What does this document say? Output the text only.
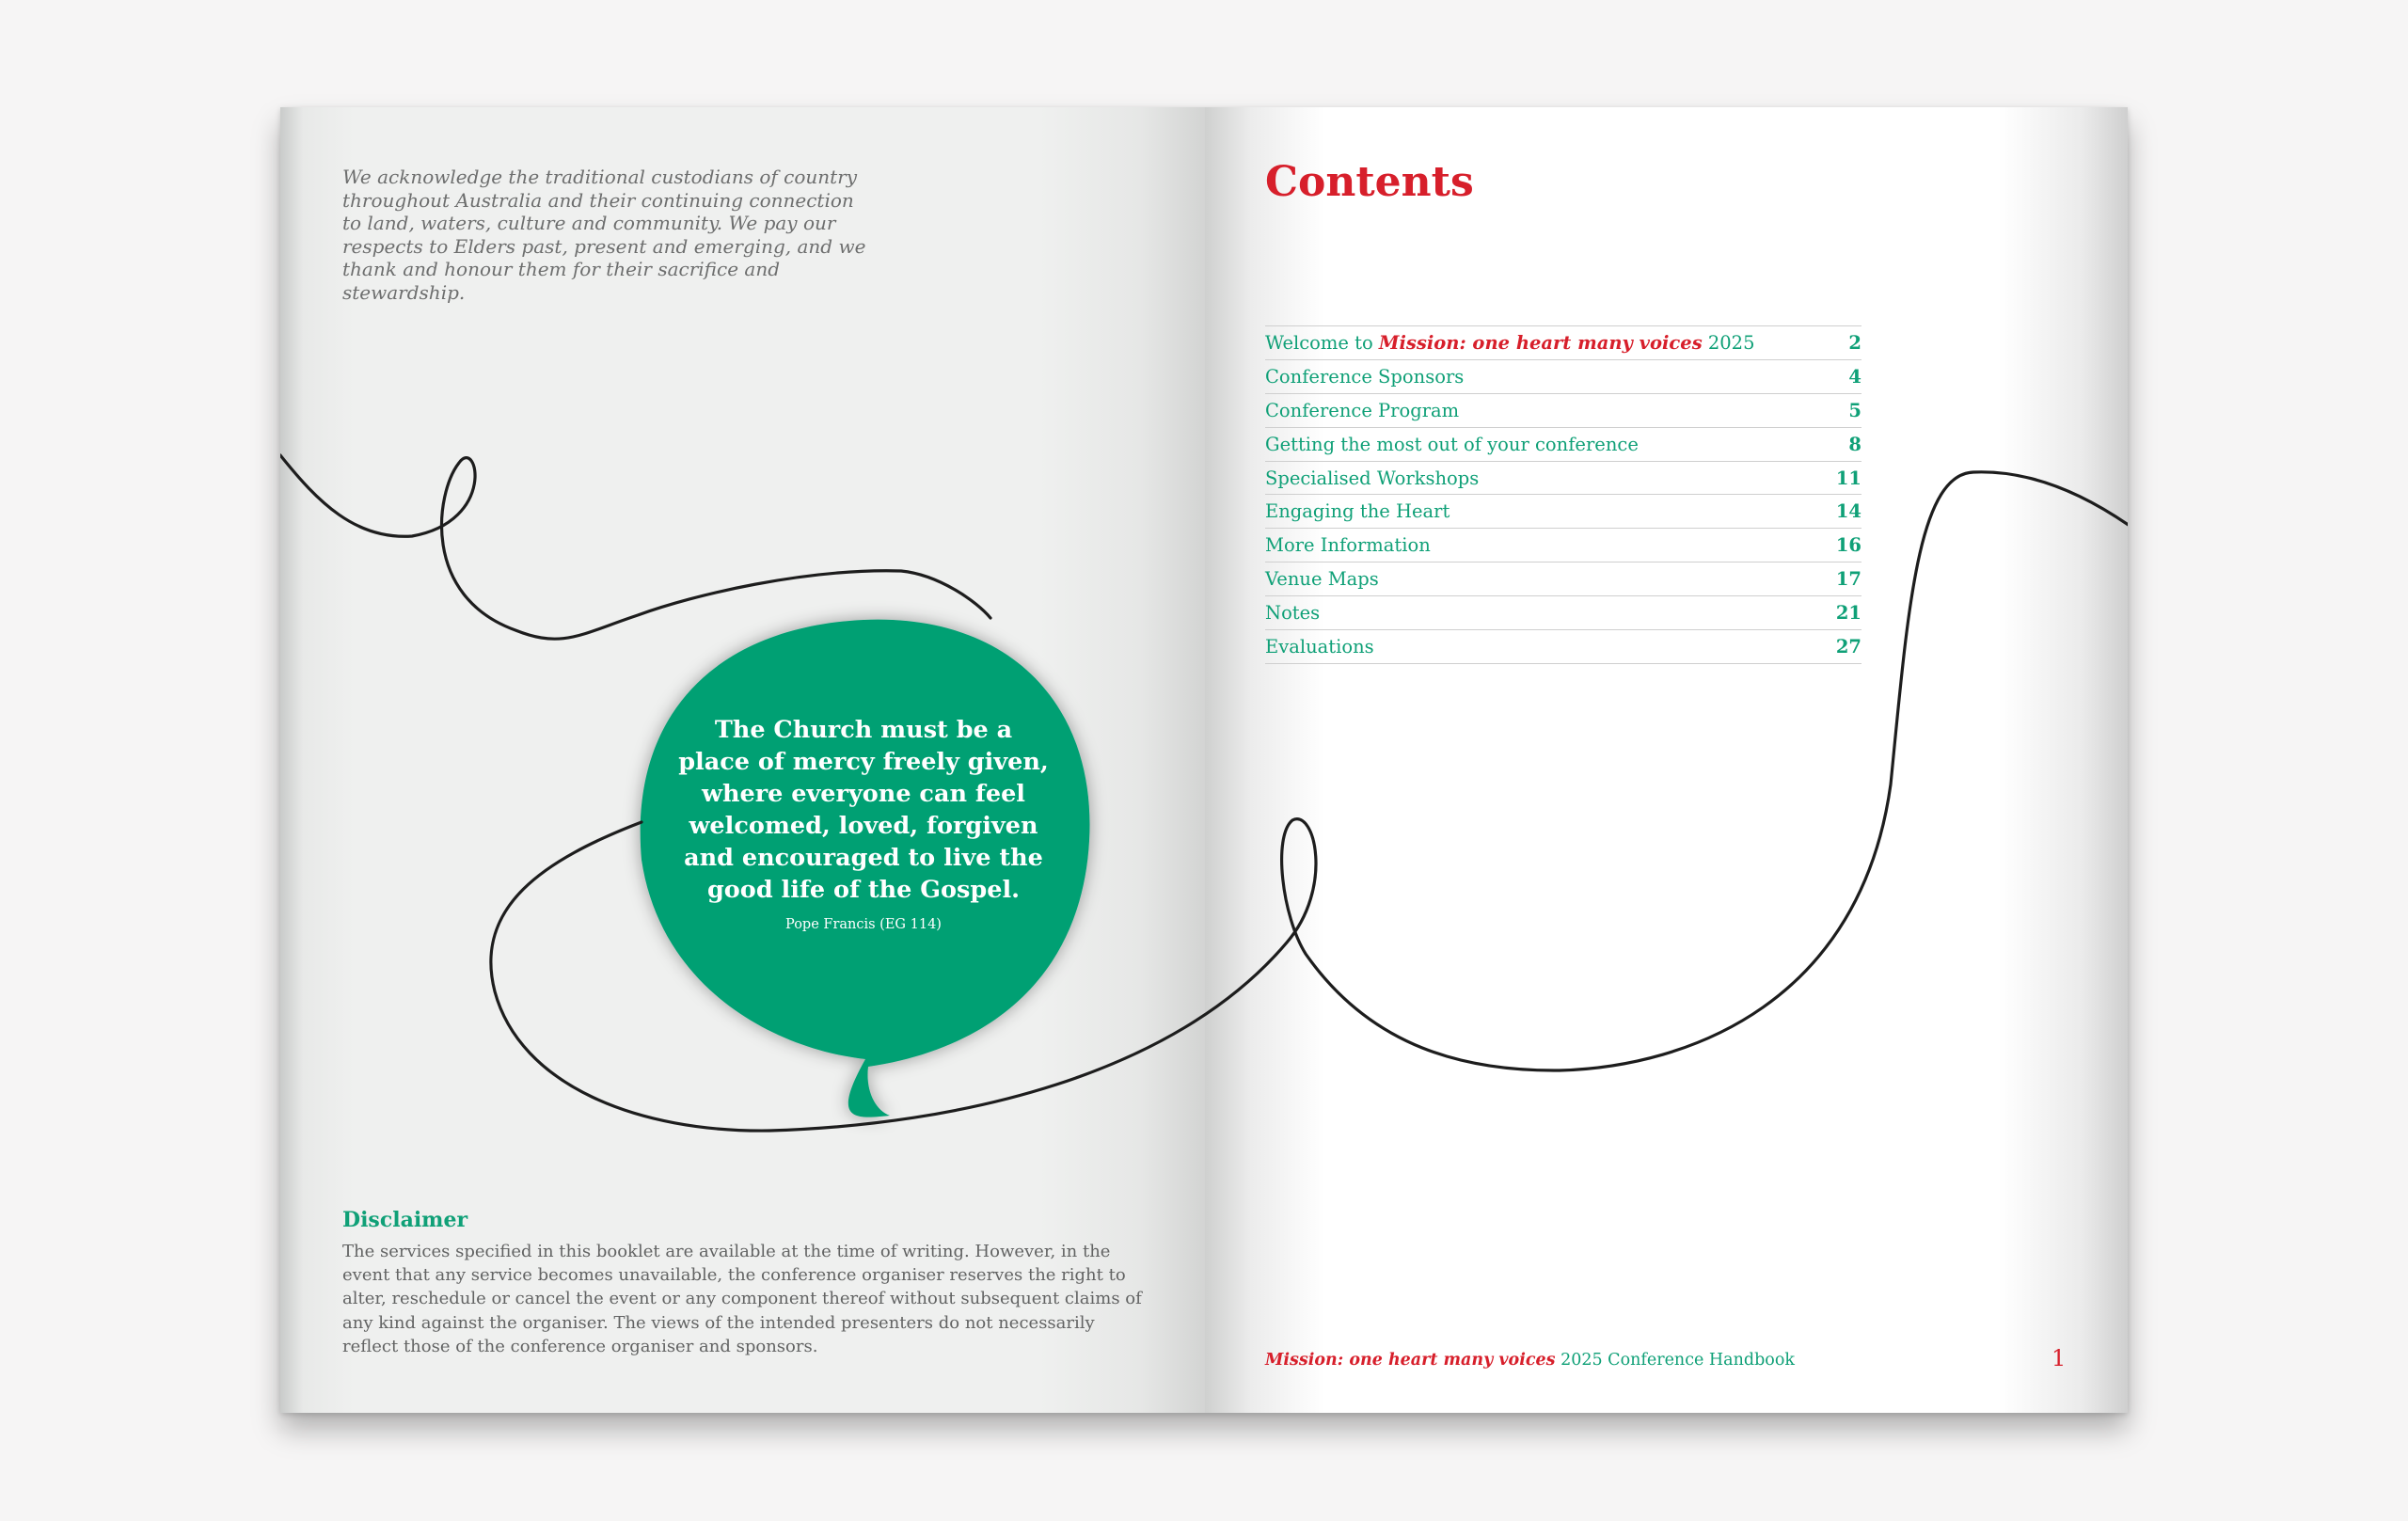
We acknowledge the traditional custodians of country throughout Australia and their continuing connection to land, waters, culture and community. We pay our respects to Elders past, present and emerging, and we thank and honour them for their sacrifice and stewardship.

The Church must be a place of mercy freely given, where everyone can feel welcomed, loved, forgiven and encouraged to live the good life of the Gospel.
Pope Francis (EG 114)
Disclaimer

The services specified in this booklet are available at the time of writing. However, in the event that any service becomes unavailable, the conference organiser reserves the right to alter, reschedule or cancel the event or any component thereof without subsequent claims of any kind against the organiser. The views of the intended presenters do not necessarily reflect those of the conference organiser and sponsors.

Contents
Welcome to Mission: one heart many voices 2025	2
Conference Sponsors	4
Conference Program	5
Getting the most out of your conference	8
Specialised Workshops	11
Engaging the Heart	14
More Information	16
Venue Maps	17
Notes	21
Evaluations	27
Mission: one heart many voices 2025 Conference Handbook	1
